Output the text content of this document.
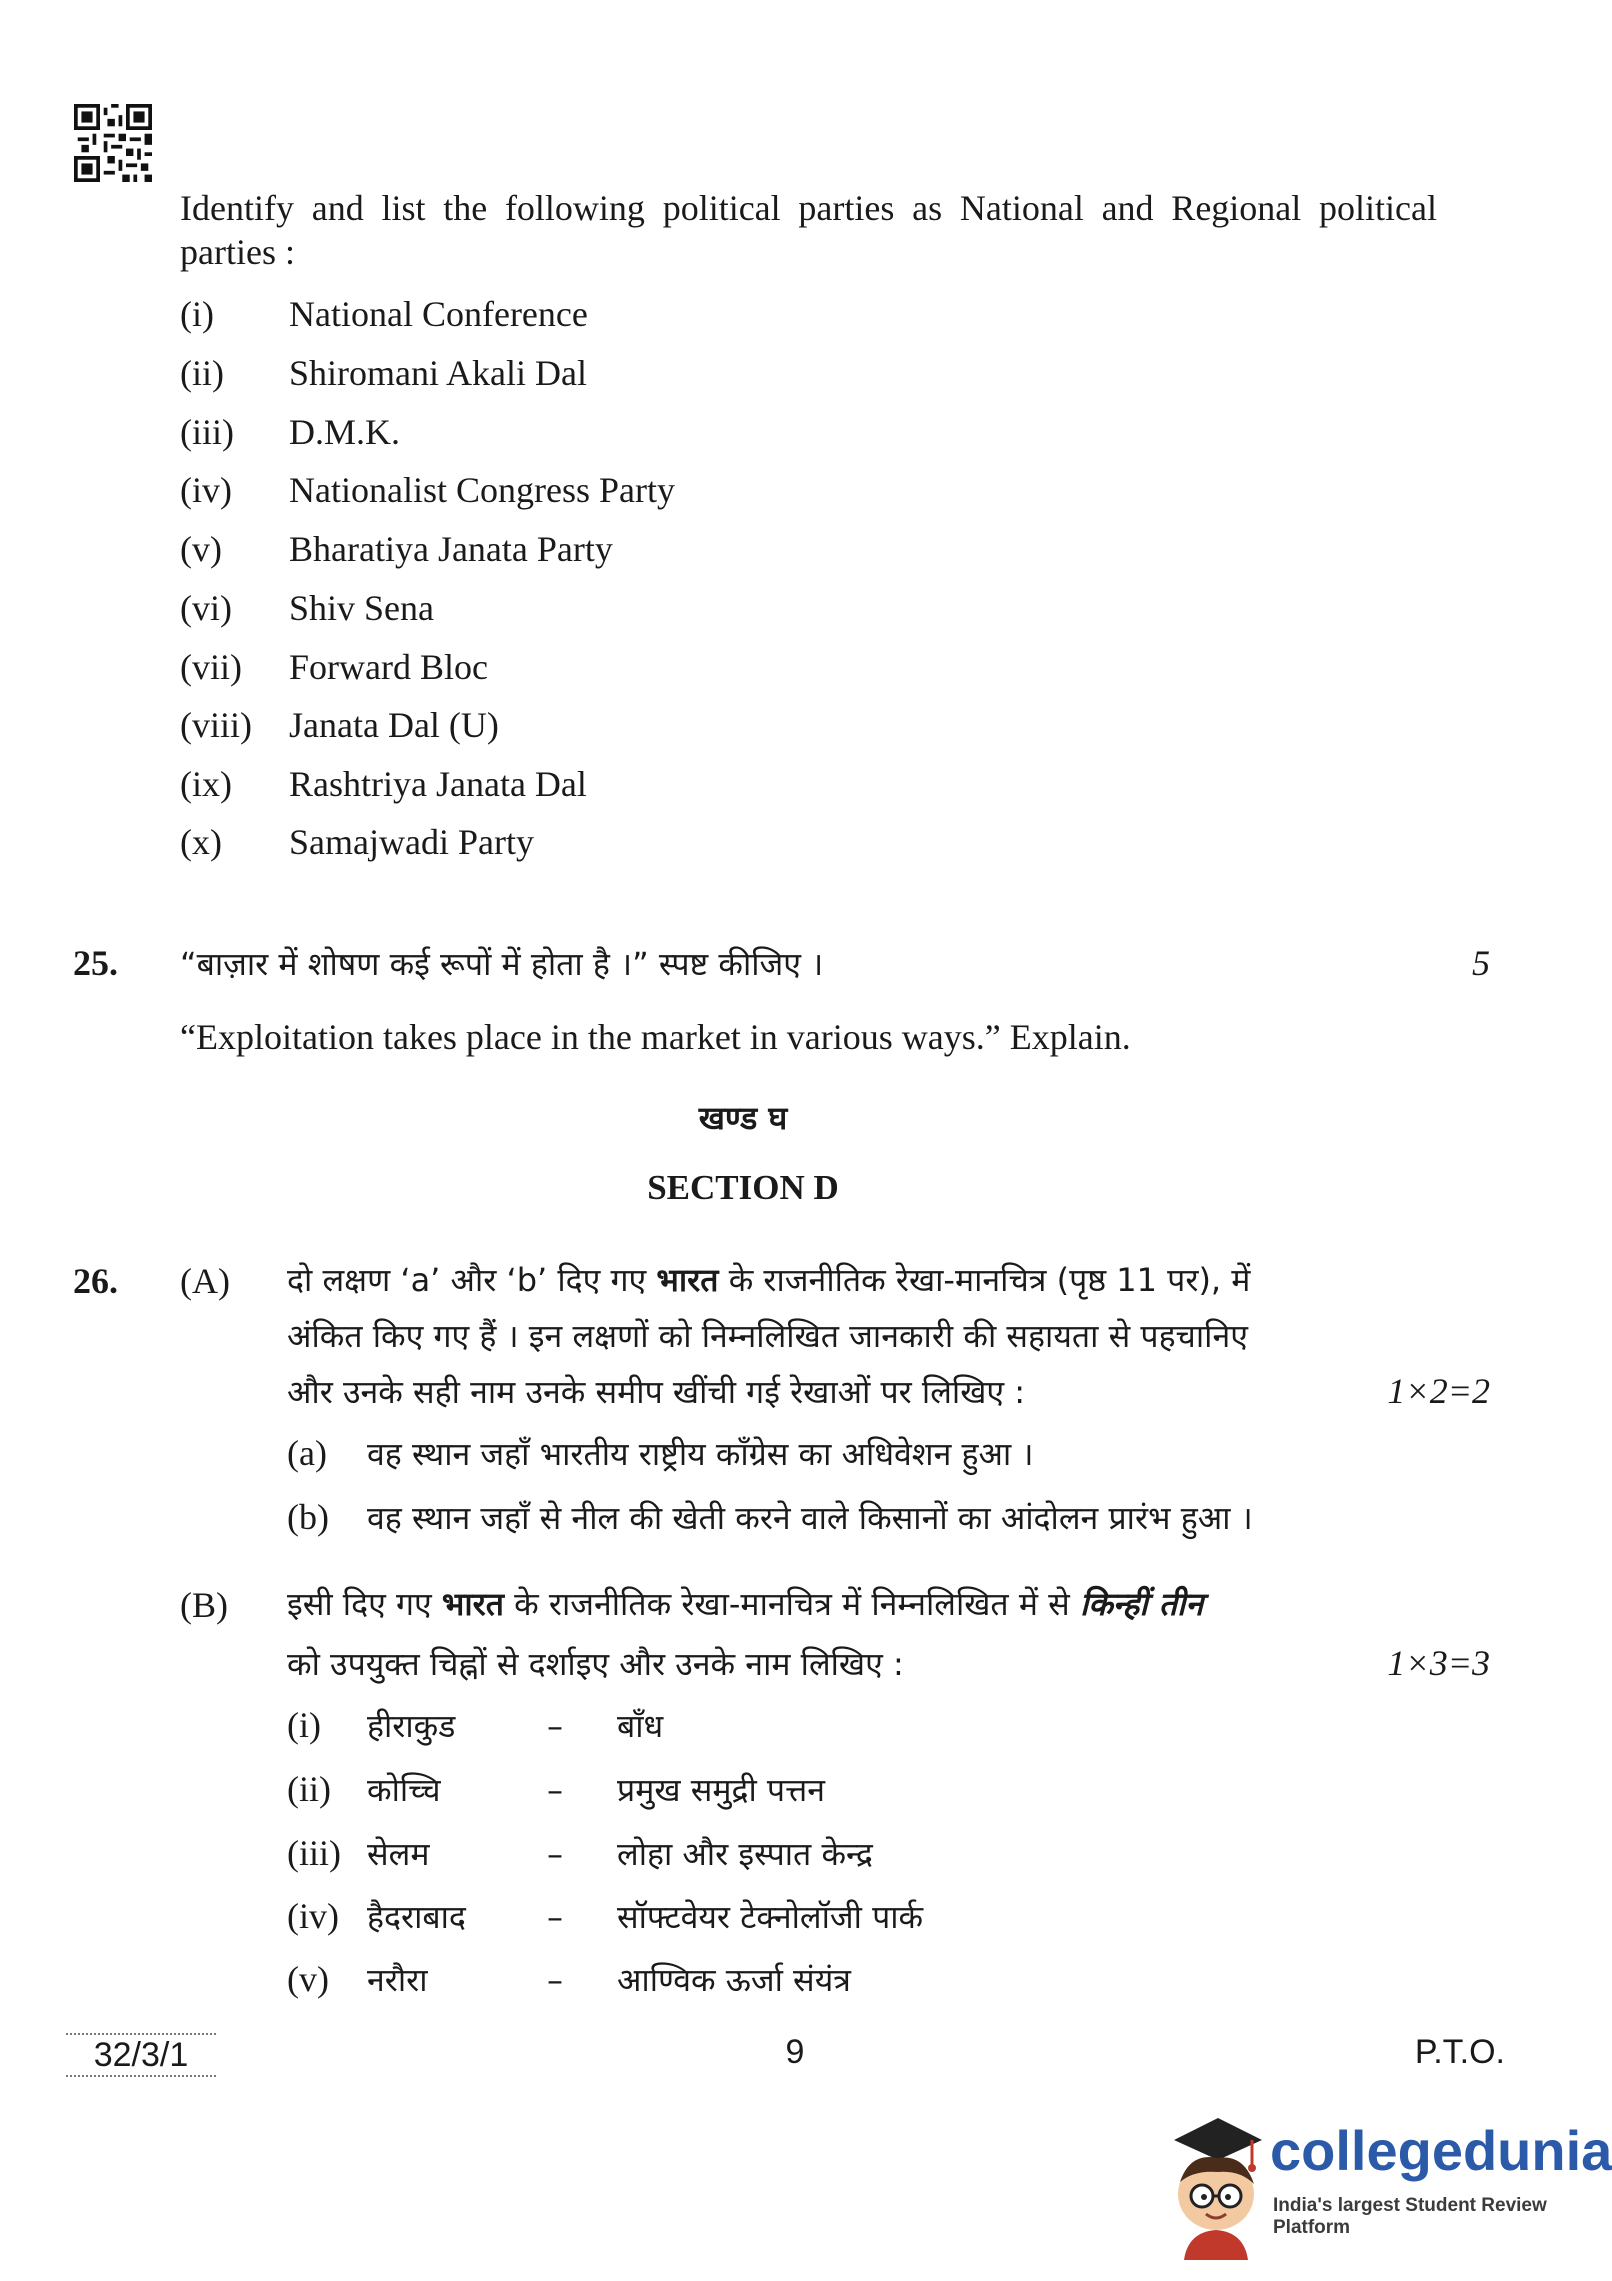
Identify and list the following political parties as National and Regional political parties :
(i) National Conference
(ii) Shiromani Akali Dal
(iii) D.M.K.
(iv) Nationalist Congress Party
(v) Bharatiya Janata Party
(vi) Shiv Sena
(vii) Forward Bloc
(viii) Janata Dal (U)
(ix) Rashtriya Janata Dal
(x) Samajwadi Party
25. “बाज़ार में शोषण कई रूपों में होता है ।” स्पष्ट कीजिए ।	5
“Exploitation takes place in the market in various ways.” Explain.
खण्ड घ
SECTION D
26. (A) दो लक्षण ‘a’ और ‘b’ दिए गए भारत के राजनीतिक रेखा-मानचित्र (पृष्ठ 11 पर), में
अंकित किए गए हैं । इन लक्षणों को निम्नलिखित जानकारी की सहायता से पहचानिए
और उनके सही नाम उनके समीप खींची गई रेखाओं पर लिखिए :	1×2=2
(a) वह स्थान जहाँ भारतीय राष्ट्रीय काँग्रेस का अधिवेशन हुआ ।
(b) वह स्थान जहाँ से नील की खेती करने वाले किसानों का आंदोलन प्रारंभ हुआ ।
(B) इसी दिए गए भारत के राजनीतिक रेखा-मानचित्र में निम्नलिखित में से किन्हीं तीन
को उपयुक्त चिह्नों से दर्शाइए और उनके नाम लिखिए :	1×3=3
(i) हीराकुड	– बाँध
(ii) कोच्चि	– प्रमुख समुद्री पत्तन
(iii) सेलम	– लोहा और इस्पात केन्द्र
(iv) हैदराबाद	– सॉफ्टवेयर टेक्नोलॉजी पार्क
(v) नरौरा	– आण्विक ऊर्जा संयंत्र
32/3/1	9	P.T.O.
collegedunia
India's largest Student Review Platform
